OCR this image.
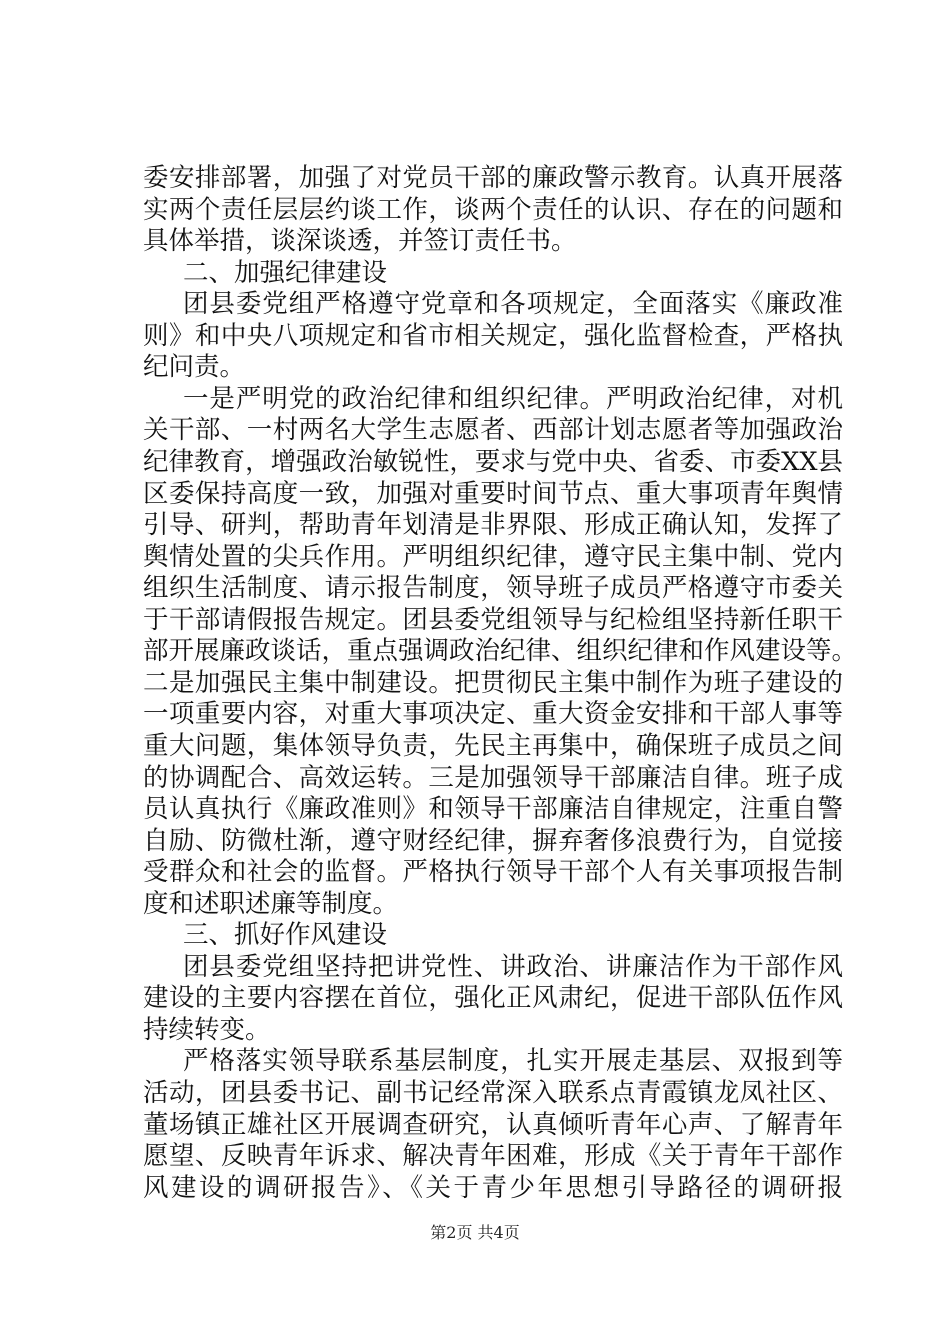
委安排部署，加强了对党员干部的廉政警示教育。认真开展落
实两个责任层层约谈工作，谈两个责任的认识、存在的问题和
具体举措，谈深谈透，并签订责任书。
二、加强纪律建设
团县委党组严格遵守党章和各项规定，全面落实《廉政准
则》和中央八项规定和省市相关规定，强化监督检查，严格执
纪问责。
一是严明党的政治纪律和组织纪律。严明政治纪律，对机
关干部、一村两名大学生志愿者、西部计划志愿者等加强政治
纪律教育，增强政治敏锐性，要求与党中央、省委、市委XX县
区委保持高度一致，加强对重要时间节点、重大事项青年舆情
引导、研判，帮助青年划清是非界限、形成正确认知，发挥了
舆情处置的尖兵作用。严明组织纪律，遵守民主集中制、党内
组织生活制度、请示报告制度，领导班子成员严格遵守市委关
于干部请假报告规定。团县委党组领导与纪检组坚持新任职干
部开展廉政谈话，重点强调政治纪律、组织纪律和作风建设等。
二是加强民主集中制建设。把贯彻民主集中制作为班子建设的
一项重要内容，对重大事项决定、重大资金安排和干部人事等
重大问题，集体领导负责，先民主再集中，确保班子成员之间
的协调配合、高效运转。三是加强领导干部廉洁自律。班子成
员认真执行《廉政准则》和领导干部廉洁自律规定，注重自警
自励、防微杜渐，遵守财经纪律，摒弃奢侈浪费行为，自觉接
受群众和社会的监督。严格执行领导干部个人有关事项报告制
度和述职述廉等制度。
三、抓好作风建设
团县委党组坚持把讲党性、讲政治、讲廉洁作为干部作风
建设的主要内容摆在首位，强化正风肃纪，促进干部队伍作风
持续转变。
严格落实领导联系基层制度，扎实开展走基层、双报到等
活动，团县委书记、副书记经常深入联系点青霞镇龙凤社区、
董场镇正雄社区开展调查研究，认真倾听青年心声、了解青年
愿望、反映青年诉求、解决青年困难，形成《关于青年干部作
风建设的调研报告》、《关于青少年思想引导路径的调研报
第2页 共4页
